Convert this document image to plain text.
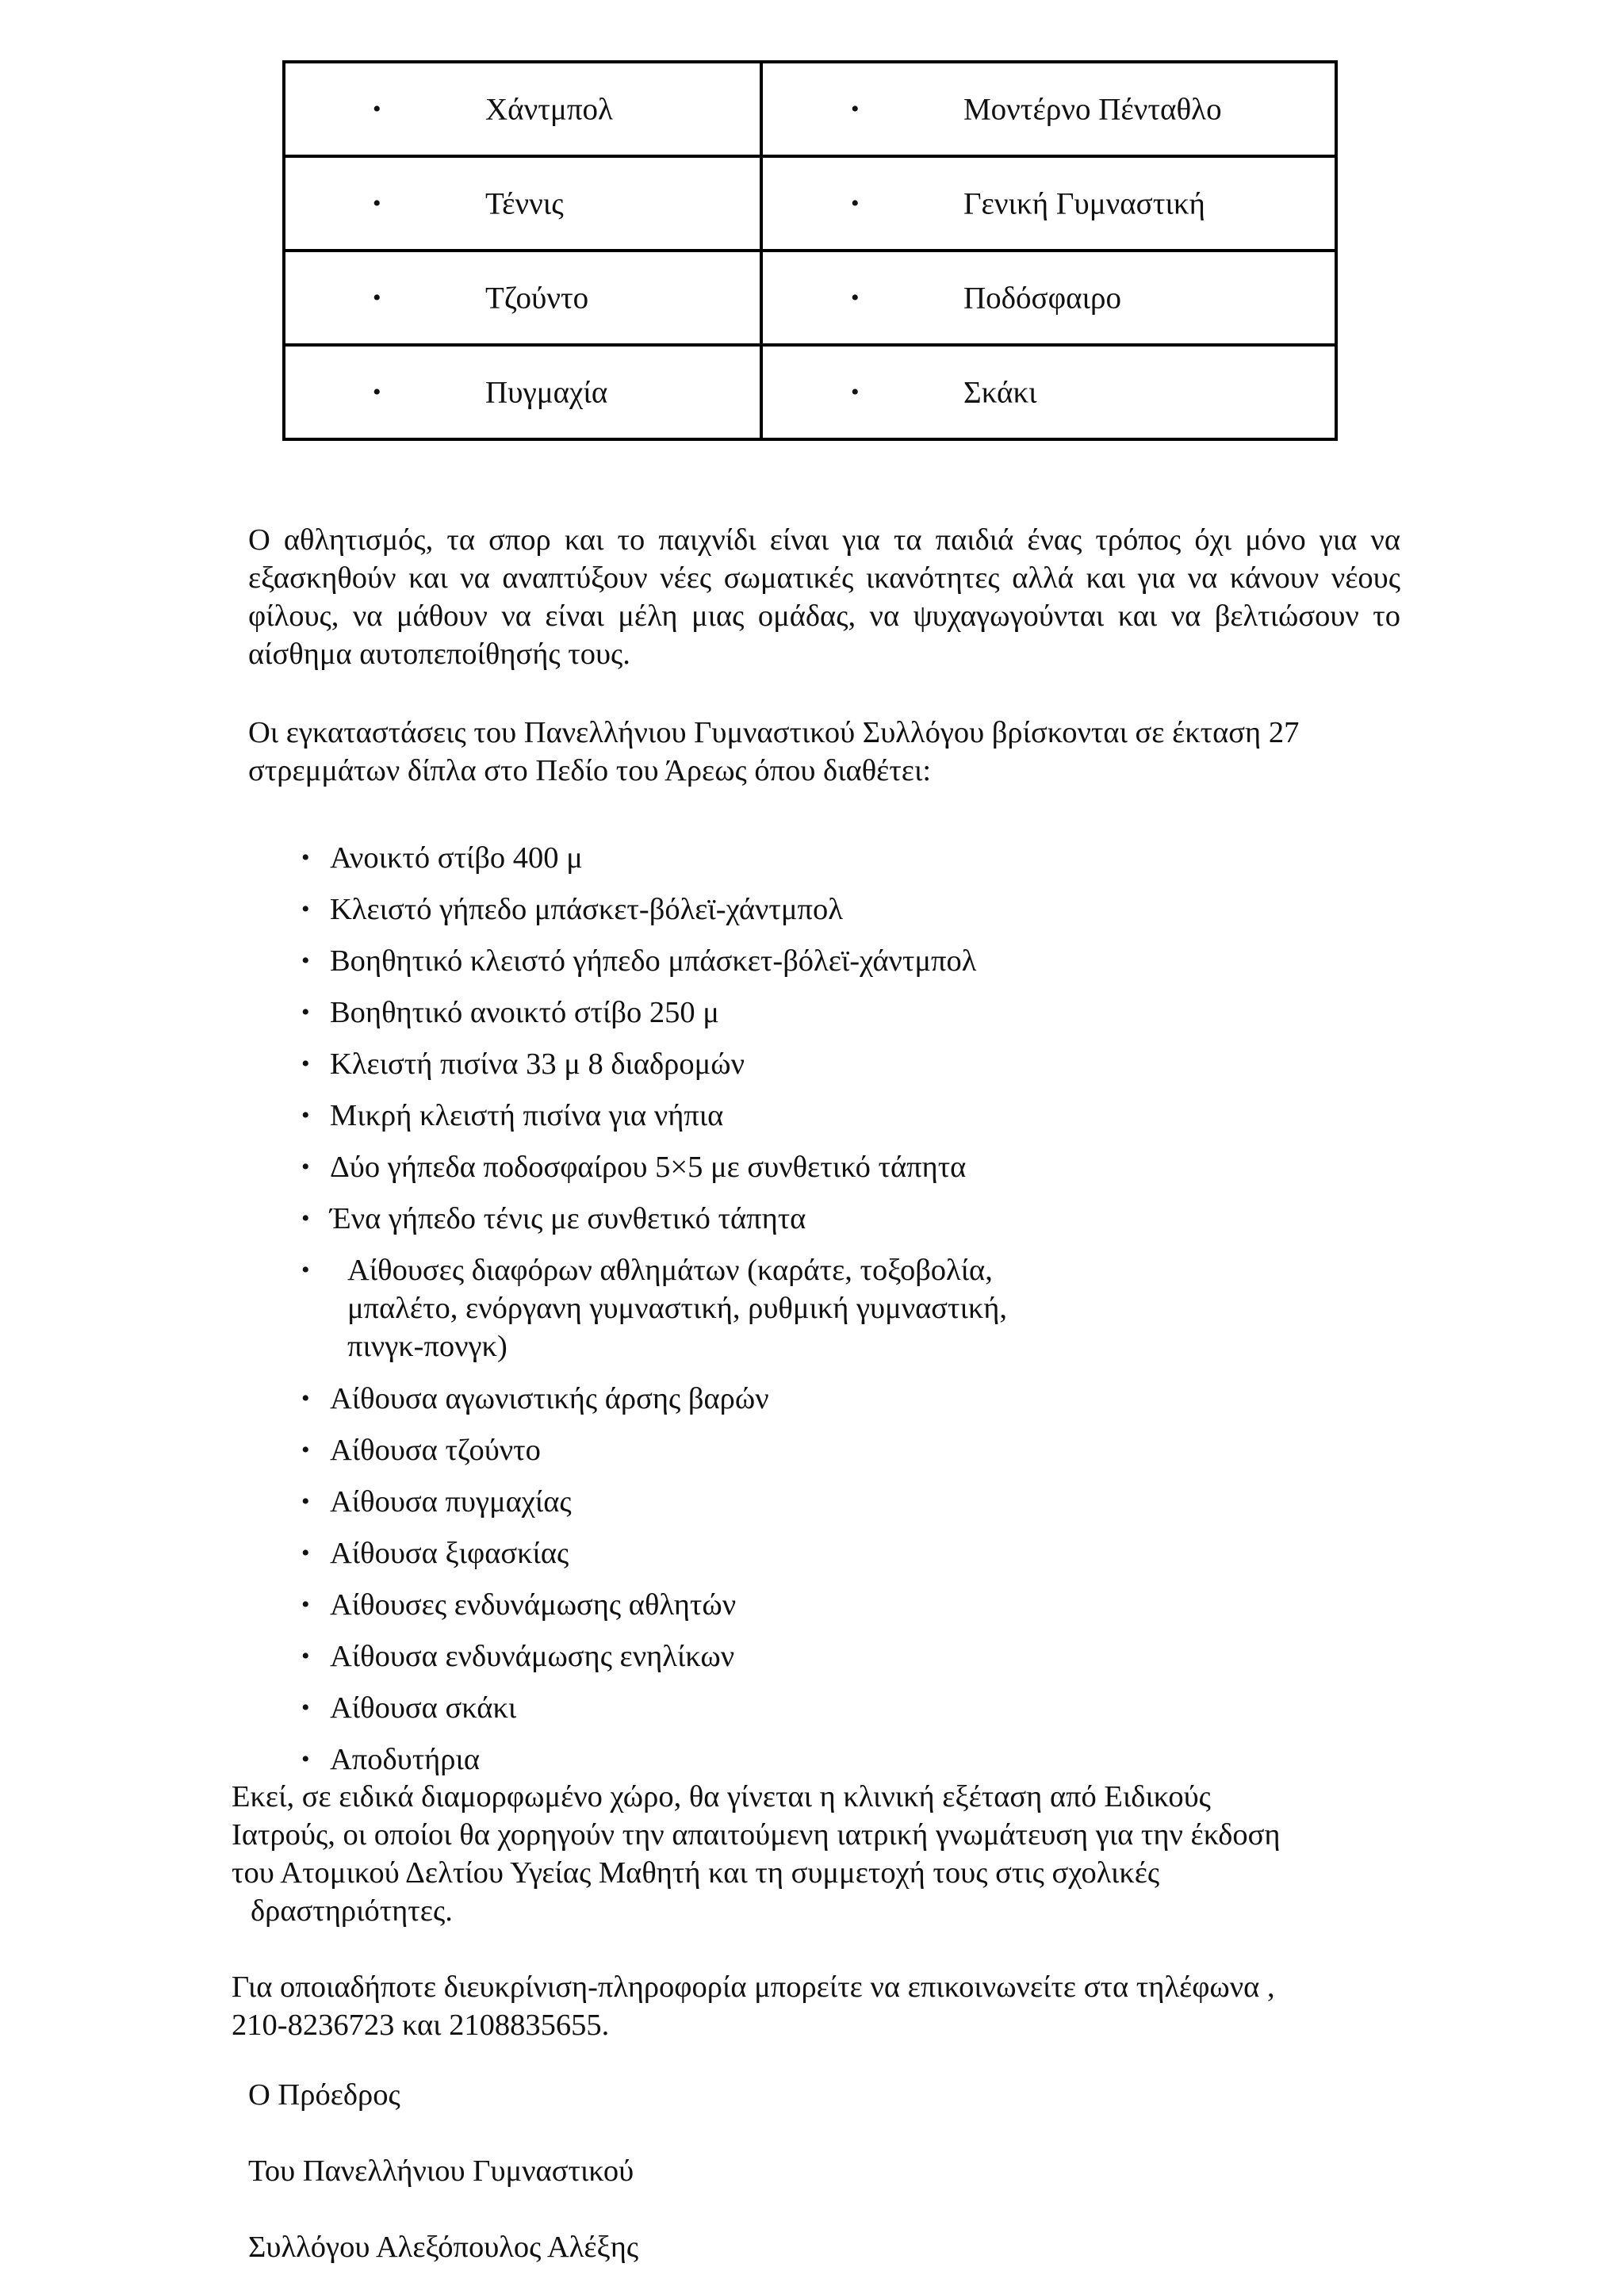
• Χάντμπολ	• Μοντέρνο Πένταθλο

• Τέννις	• Γενική Γυμναστική

• Τζούντο	• Ποδόσφαιρο

• Πυγμαχία	• Σκάκι

Ο αθλητισμός, τα σπορ και το παιχνίδι είναι για τα παιδιά ένας τρόπος όχι μόνο για να εξασκηθούν και να αναπτύξουν νέες σωματικές ικανότητες αλλά και για να κάνουν νέους φίλους, να μάθουν να είναι μέλη μιας ομάδας, να ψυχαγωγούνται και να βελτιώσουν το αίσθημα αυτοπεποίθησής τους.

Οι εγκαταστάσεις του Πανελλήνιου Γυμναστικού Συλλόγου βρίσκονται σε έκταση 27 στρεμμάτων δίπλα στο Πεδίο του Άρεως όπου διαθέτει:

• Ανοικτό στίβο 400 μ
• Κλειστό γήπεδο μπάσκετ-βόλεϊ-χάντμπολ
• Βοηθητικό κλειστό γήπεδο μπάσκετ-βόλεϊ-χάντμπολ
• Βοηθητικό ανοικτό στίβο 250 μ
• Κλειστή πισίνα 33 μ 8 διαδρομών
• Μικρή κλειστή πισίνα για νήπια
• Δύο γήπεδα ποδοσφαίρου 5×5 με συνθετικό τάπητα
• Ένα γήπεδο τένις με συνθετικό τάπητα
• Αίθουσες διαφόρων αθλημάτων (καράτε, τοξοβολία, μπαλέτο, ενόργανη γυμναστική, ρυθμική γυμναστική, πινγκ-πονγκ)
• Αίθουσα αγωνιστικής άρσης βαρών
• Αίθουσα τζούντο
• Αίθουσα πυγμαχίας
• Αίθουσα ξιφασκίας
• Αίθουσες ενδυνάμωσης αθλητών
• Αίθουσα ενδυνάμωσης ενηλίκων
• Αίθουσα σκάκι
• Αποδυτήρια
Εκεί, σε ειδικά διαμορφωμένο χώρο, θα γίνεται η κλινική εξέταση από Ειδικούς
Ιατρούς, οι οποίοι θα χορηγούν την απαιτούμενη ιατρική γνωμάτευση για την έκδοση
του Ατομικού Δελτίου Υγείας Μαθητή και τη συμμετοχή τους στις σχολικές
δραστηριότητες.
Για οποιαδήποτε διευκρίνιση-πληροφορία μπορείτε να επικοινωνείτε στα τηλέφωνα ,
210-8236723 και 2108835655.

Ο Πρόεδρος

Του Πανελλήνιου Γυμναστικού

Συλλόγου Αλεξόπουλος Αλέξης
